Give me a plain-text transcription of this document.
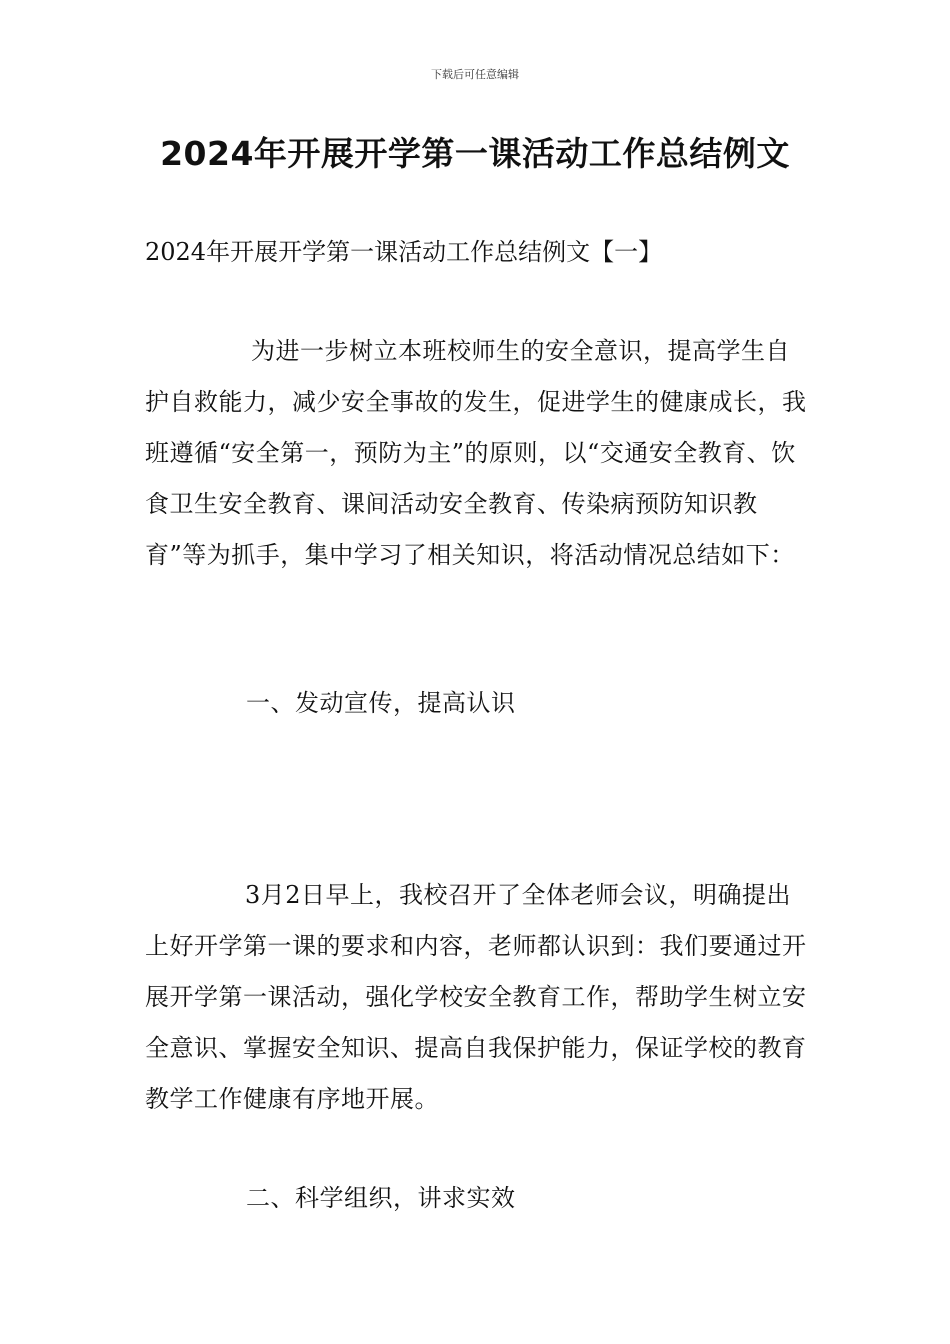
下载后可任意编辑
2024年开展开学第一课活动工作总结例文
2024年开展开学第一课活动工作总结例文【一】
为进一步树立本班校师生的安全意识，提高学生自护自救能力，减少安全事故的发生，促进学生的健康成长，我班遵循“安全第一，预防为主”的原则，以“交通安全教育、饮食卫生安全教育、课间活动安全教育、传染病预防知识教育”等为抓手，集中学习了相关知识，将活动情况总结如下：
一、发动宣传，提高认识
3月2日早上，我校召开了全体老师会议，明确提出上好开学第一课的要求和内容，老师都认识到：我们要通过开展开学第一课活动，强化学校安全教育工作，帮助学生树立安全意识、掌握安全知识、提高自我保护能力，保证学校的教育教学工作健康有序地开展。
二、科学组织，讲求实效
